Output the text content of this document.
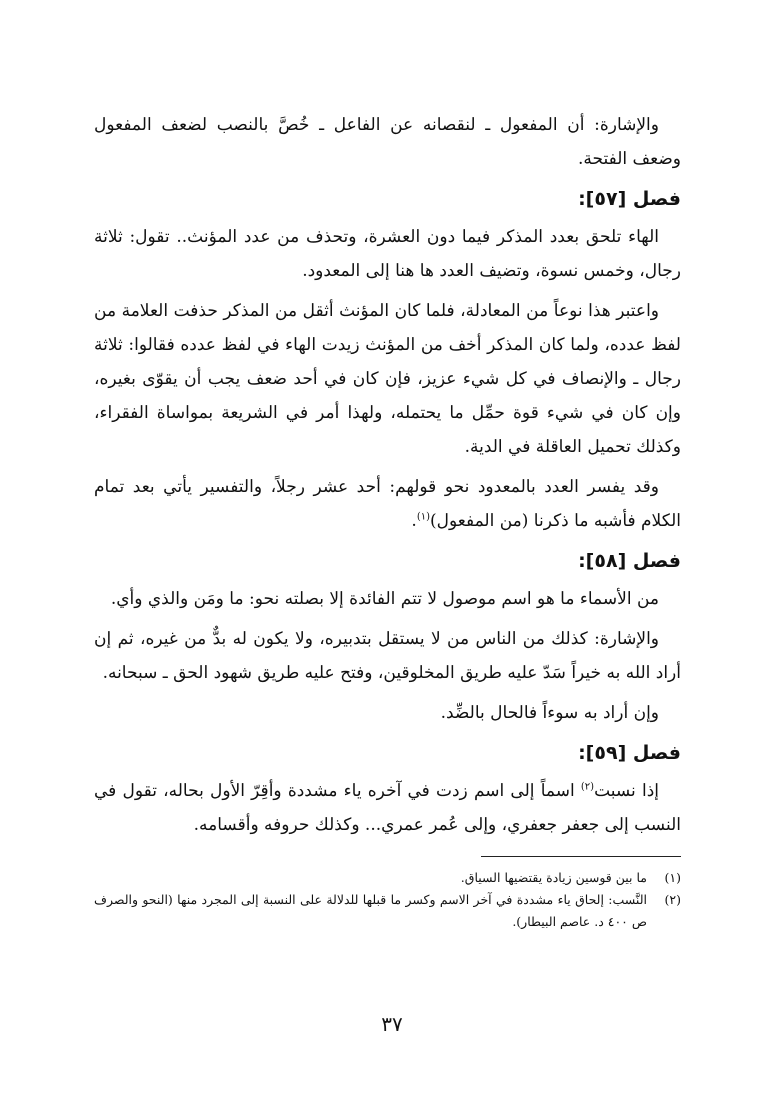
والإشارة: أن المفعول ـ لنقصانه عن الفاعل ـ خُصَّ بالنصب لضعف المفعول وضعف الفتحة.

فصل [٥٧]:

الهاء تلحق بعدد المذكر فيما دون العشرة، وتحذف من عدد المؤنث.. تقول: ثلاثة رجال، وخمس نسوة، وتضيف العدد ها هنا إلى المعدود.

واعتبر هذا نوعاً من المعادلة، فلما كان المؤنث أثقل من المذكر حذفت العلامة من لفظ عدده، ولما كان المذكر أخف من المؤنث زيدت الهاء في لفظ عدده فقالوا: ثلاثة رجال ـ والإنصاف في كل شيء عزيز، فإن كان في أحد ضعف يجب أن يقوّى بغيره، وإن كان في شيء قوة حمِّل ما يحتمله، ولهذا أمر في الشريعة بمواساة الفقراء، وكذلك تحميل العاقلة في الدية.

وقد يفسر العدد بالمعدود نحو قولهم: أحد عشر رجلاً، والتفسير يأتي بعد تمام الكلام فأشبه ما ذكرنا (من المفعول)$^{(١)}$.

فصل [٥٨]:

من الأسماء ما هو اسم موصول لا تتم الفائدة إلا بصلته نحو: ما ومَن والذي وأي.

والإشارة: كذلك من الناس من لا يستقل بتدبيره، ولا يكون له بدٌّ من غيره، ثم إن أراد الله به خيراً سَدّ عليه طريق المخلوقين، وفتح عليه طريق شهود الحق ـ سبحانه.

وإن أراد به سوءاً فالحال بالضِّد.

فصل [٥٩]:

إذا نسبت$^{(٢)}$ اسماً إلى اسم زدت في آخره ياء مشددة وأقِرّ الأول بحاله، تقول في النسب إلى جعفر جعفري، وإلى عُمر عمري... وكذلك حروفه وأقسامه.

(١)
ما بين قوسين زيادة يقتضيها السياق.
(٢)
النَّسب: إلحاق ياء مشددة في آخر الاسم وكسر ما قبلها للدلالة على النسبة إلى المجرد منها (النحو والصرف ص ٤٠٠ د. عاصم البيطار).
٣٧
